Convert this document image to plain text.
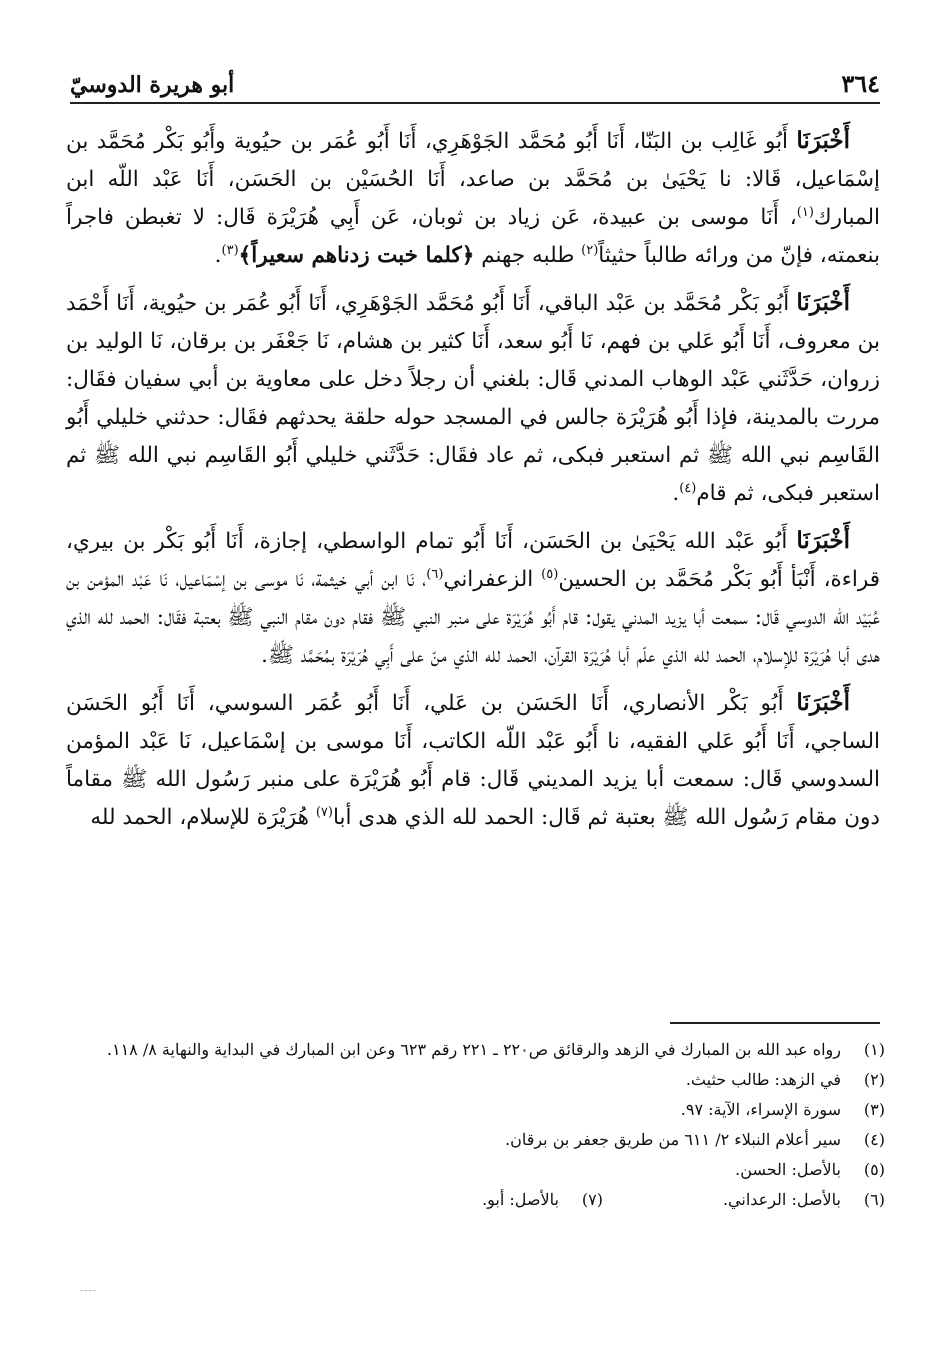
٣٦٤
أبو هريرة الدوسيّ

أَخْبَرَنَا أَبُو غَالِب بن البَنّا، أَنَا أَبُو مُحَمَّد الجَوْهَرِي، أَنَا أَبُو عُمَر بن حيُوية وأَبُو بَكْر مُحَمَّد بن إسْمَاعيل، قَالا: نا يَحْيَىٰ بن مُحَمَّد بن صاعد، أَنَا الحُسَيْن بن الحَسَن، أَنَا عَبْد اللّه ابن المبارك$^{(١)}$، أَنَا موسى بن عبيدة، عَن زياد بن ثوبان، عَن أَبِي هُرَيْرَة قَال: لا تغبطن فاجراً بنعمته، فإنّ من ورائه طالباً حثيثاً$^{(٢)}$ طلبه جهنم ﴿كلما خبت زدناهم سعيراً﴾$^{(٣)}$.

أَخْبَرَنَا أَبُو بَكْر مُحَمَّد بن عَبْد الباقي، أَنَا أَبُو مُحَمَّد الجَوْهَرِي، أَنَا أَبُو عُمَر بن حيُوية، أَنَا أَحْمَد بن معروف، أَنَا أَبُو عَلي بن فهم، نَا أَبُو سعد، أَنَا كثير بن هشام، نَا جَعْفَر بن برقان، نَا الوليد بن زروان، حَدَّثَني عَبْد الوهاب المدني قَال: بلغني أن رجلاً دخل على معاوية بن أبي سفيان فقَال: مررت بالمدينة، فإذا أَبُو هُرَيْرَة جالس في المسجد حوله حلقة يحدثهم فقَال: حدثني خليلي أَبُو القَاسِم نبي الله ﷺ ثم استعبر فبكى، ثم عاد فقَال: حَدَّثَني خليلي أَبُو القَاسِم نبي الله ﷺ ثم استعبر فبكى، ثم قام$^{(٤)}$.

أَخْبَرَنَا أَبُو عَبْد الله يَحْيَىٰ بن الحَسَن، أَنَا أَبُو تمام الواسطي، إجازة، أَنَا أَبُو بَكْر بن بيري، قراءة، أَنْبَأ أَبُو بَكْر مُحَمَّد بن الحسين$^{(٥)}$ الزعفراني$^{(٦)}$، نَا ابن أبي خيثمة، نَا موسى بن إسْمَاعيل، نَا عَبْد المؤمن بن عُبَيْد اللّه الدوسي قَال: سمعت أبا يزيد المدني يقول: قام أَبُو هُرَيْرَة على منبر النبي ﷺ فقام دون مقام النبي ﷺ بعتبة فقَال: الحمد لله الذي هدى أبا هُرَيْرَة للإسلام، الحمد لله الذي علّم أبا هُرَيْرَة القرآن، الحمد لله الذي منّ على أَبِي هُرَيْرَة بمُحَمَّد ﷺ.

أَخْبَرَنَا أَبُو بَكْر الأنصاري، أَنَا الحَسَن بن عَلي، أَنَا أَبُو عُمَر السوسي، أَنَا أَبُو الحَسَن الساجي، أَنَا أَبُو عَلي الفقيه، نا أَبُو عَبْد اللّه الكاتب، أَنَا موسى بن إسْمَاعيل، نَا عَبْد المؤمن السدوسي قَال: سمعت أبا يزيد المديني قَال: قام أَبُو هُرَيْرَة على منبر رَسُول الله ﷺ مقاماً دون مقام رَسُول الله ﷺ بعتبة ثم قَال: الحمد لله الذي هدى أبا$^{(٧)}$ هُرَيْرَة للإسلام، الحمد لله

(١)
رواه عبد الله بن المبارك في الزهد والرقائق ص٢٢٠ ـ ٢٢١ رقم ٦٢٣ وعن ابن المبارك في البداية والنهاية ٨/ ١١٨.
(٢)
في الزهد: طالب حثيث.
(٣)
سورة الإسراء، الآية: ٩٧.
(٤)
سير أعلام النبلاء ٢/ ٦١١ من طريق جعفر بن برقان.
(٥)
بالأصل: الحسن.
(٦)
بالأصل: الرعداني.
(٧)
بالأصل: أبو.
